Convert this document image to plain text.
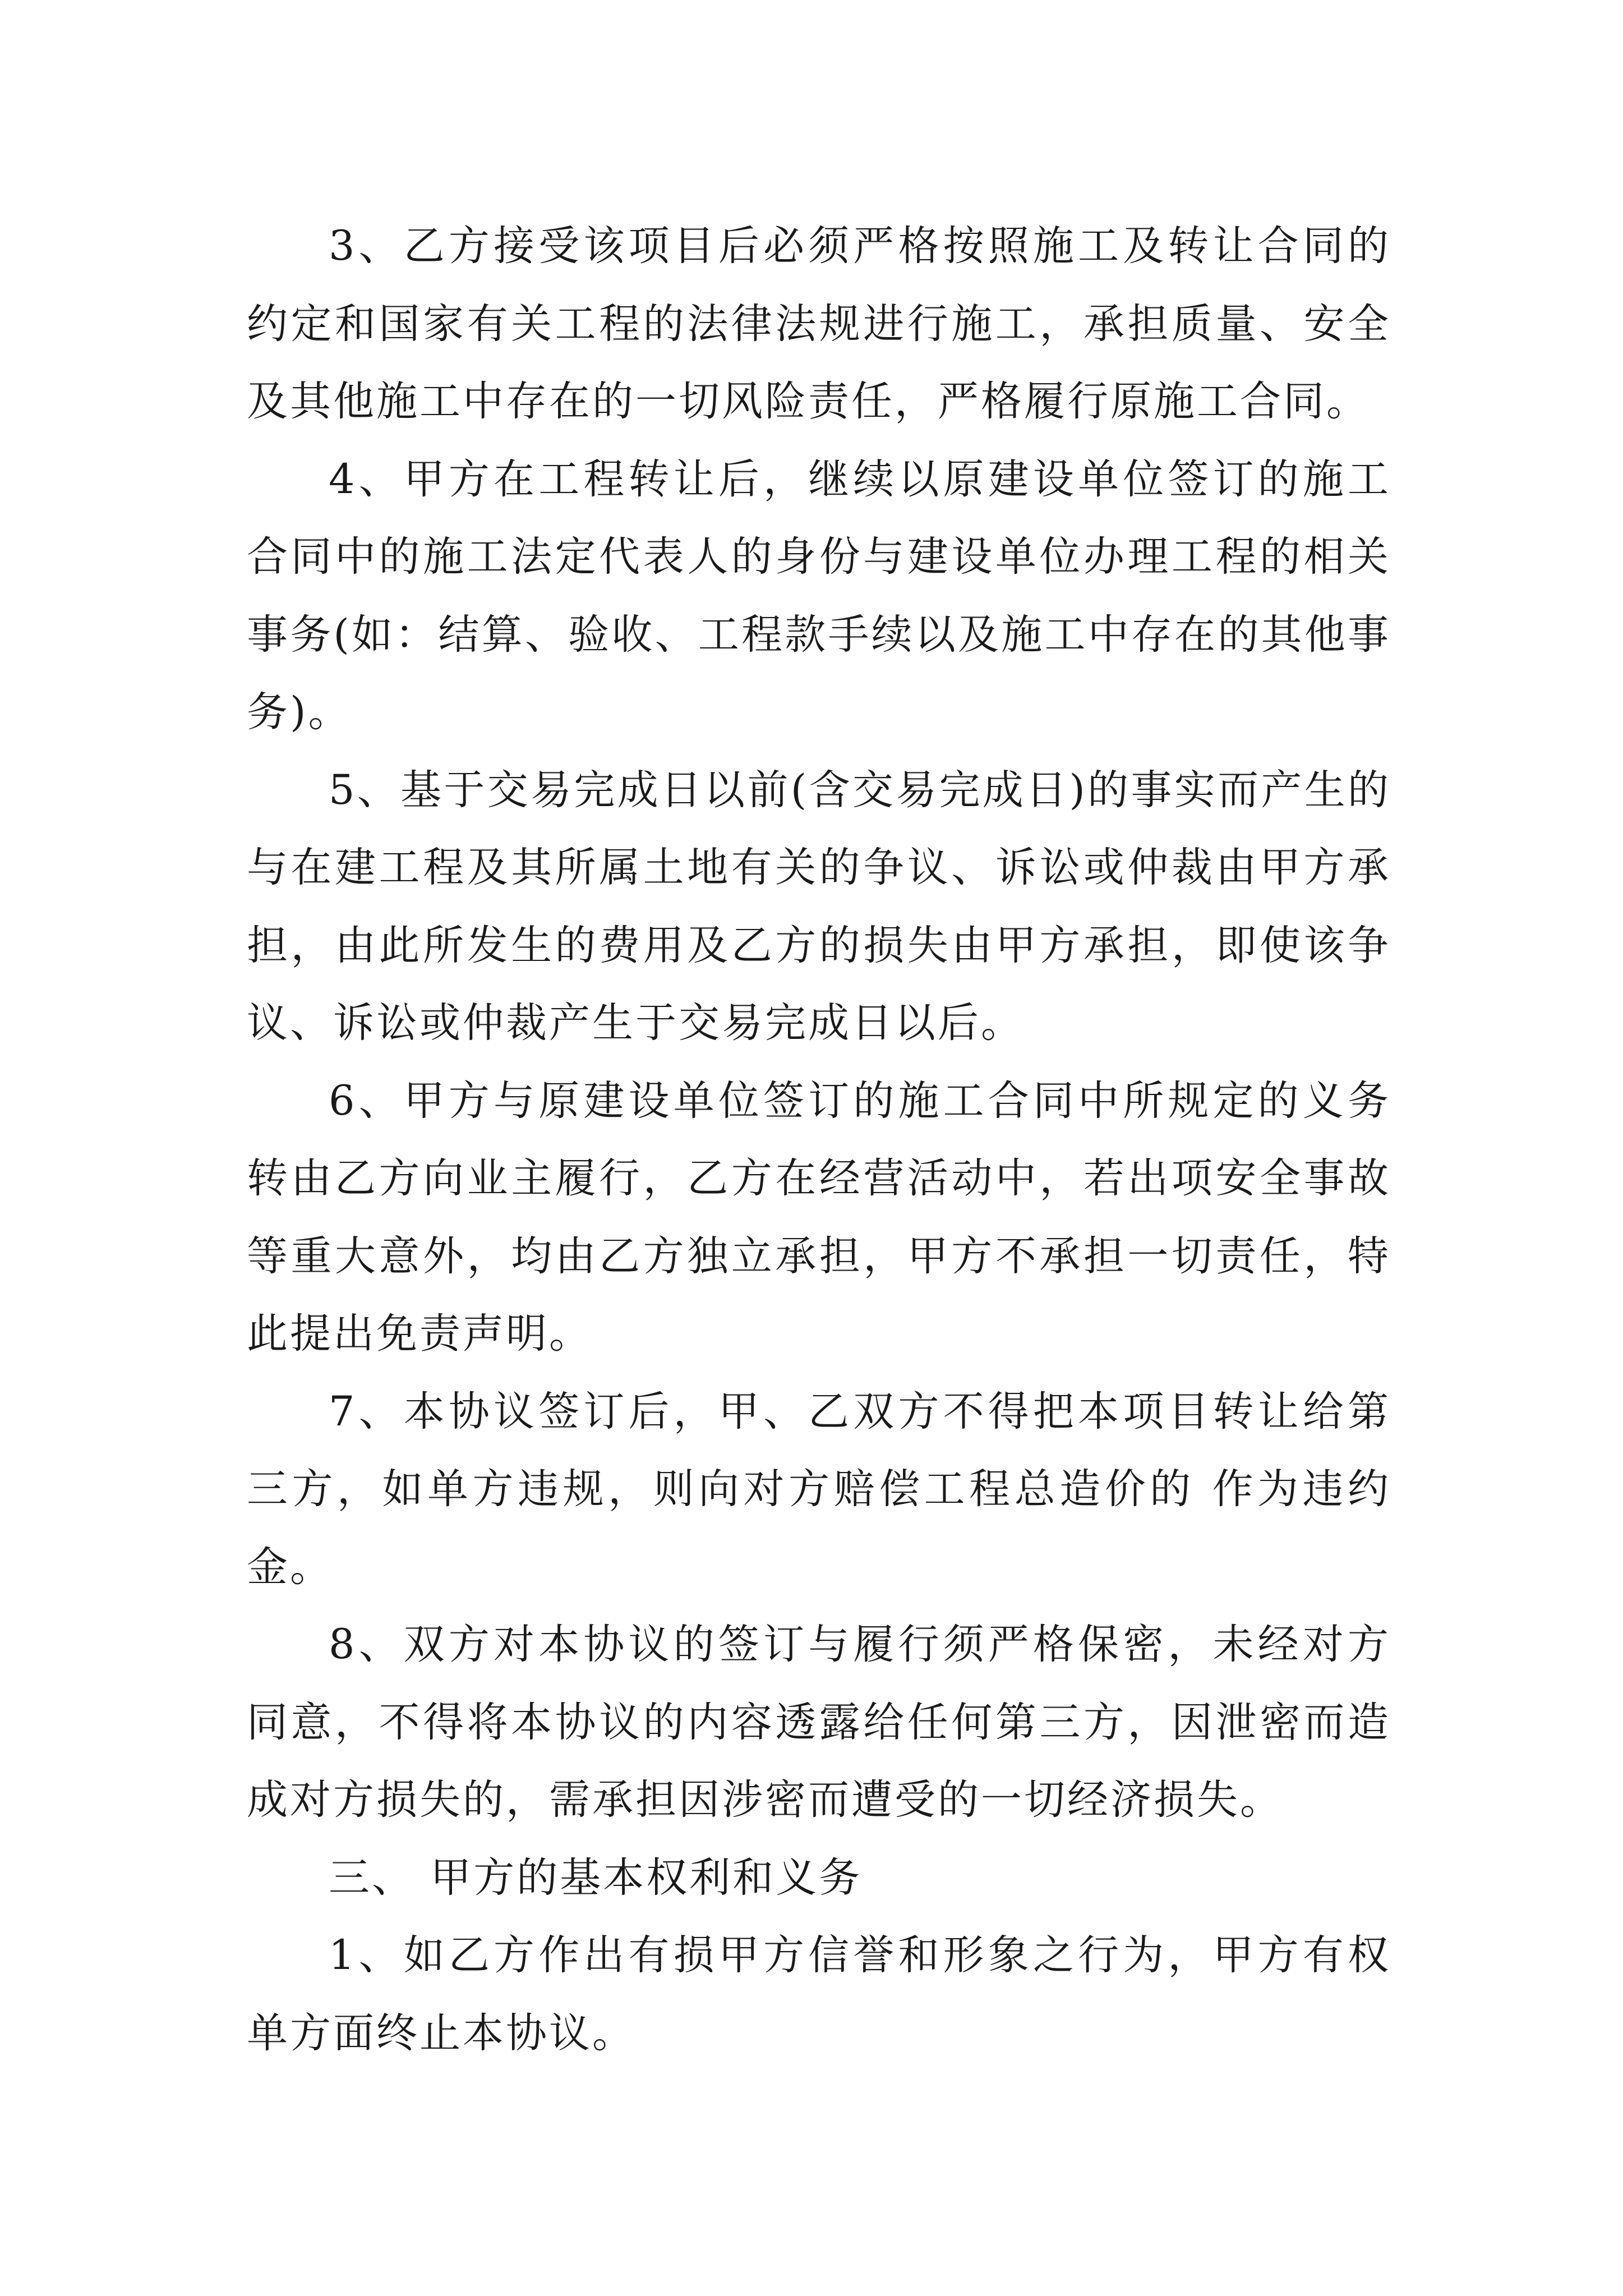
3、乙方接受该项目后必须严格按照施工及转让合同的约定和国家有关工程的法律法规进行施工，承担质量、安全及其他施工中存在的一切风险责任，严格履行原施工合同。

4、甲方在工程转让后，继续以原建设单位签订的施工合同中的施工法定代表人的身份与建设单位办理工程的相关事务(如：结算、验收、工程款手续以及施工中存在的其他事务)。

5、基于交易完成日以前(含交易完成日)的事实而产生的与在建工程及其所属土地有关的争议、诉讼或仲裁由甲方承担，由此所发生的费用及乙方的损失由甲方承担，即使该争议、诉讼或仲裁产生于交易完成日以后。

6、甲方与原建设单位签订的施工合同中所规定的义务转由乙方向业主履行，乙方在经营活动中，若出项安全事故等重大意外，均由乙方独立承担，甲方不承担一切责任，特此提出免责声明。

7、本协议签订后，甲、乙双方不得把本项目转让给第三方，如单方违规，则向对方赔偿工程总造价的 作为违约金。

8、双方对本协议的签订与履行须严格保密，未经对方同意，不得将本协议的内容透露给任何第三方，因泄密而造成对方损失的，需承担因涉密而遭受的一切经济损失。

三、 甲方的基本权利和义务

1、如乙方作出有损甲方信誉和形象之行为，甲方有权单方面终止本协议。
